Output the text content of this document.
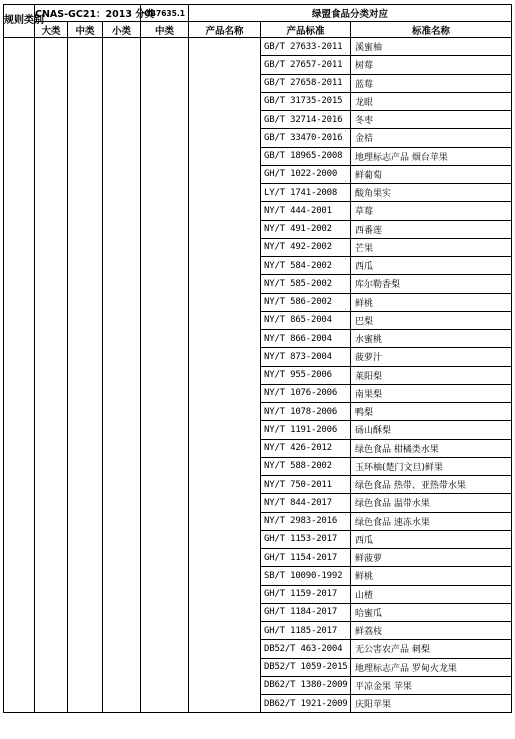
规则类别	CNAS-GC21：2013 分类			GB7635.1	绿盟食品分类对应		
	大类	中类	小类	中类	产品名称	产品标准	标准名称
						GB/T 27633-2011	溪蜜柚
						GB/T 27657-2011	树莓
						GB/T 27658-2011	蓝莓
						GB/T 31735-2015	龙眼
						GB/T 32714-2016	冬枣
						GB/T 33470-2016	金桔
						GB/T 18965-2008	地理标志产品 烟台苹果
						GH/T 1022-2000	鲜葡萄
						LY/T 1741-2008	酸角果实
						NY/T 444-2001	草莓
						NY/T 491-2002	西番莲
						NY/T 492-2002	芒果
						NY/T 584-2002	西瓜
						NY/T 585-2002	库尔勒香梨
						NY/T 586-2002	鲜桃
						NY/T 865-2004	巴梨
						NY/T 866-2004	水蜜桃
						NY/T 873-2004	菠萝汁
						NY/T 955-2006	莱阳梨
						NY/T 1076-2006	南果梨
						NY/T 1078-2006	鸭梨
						NY/T 1191-2006	砀山酥梨
						NY/T 426-2012	绿色食品 柑橘类水果
						NY/T 588-2002	玉环柚(楚门文旦)鲜果
						NY/T 750-2011	绿色食品 热带、亚热带水果
						NY/T 844-2017	绿色食品 温带水果
						NY/T 2983-2016	绿色食品 速冻水果
						GH/T 1153-2017	西瓜
						GH/T 1154-2017	鲜菠萝
						SB/T 10090-1992	鲜桃
						GH/T 1159-2017	山楂
						GH/T 1184-2017	哈蜜瓜
						GH/T 1185-2017	鲜荔枝
						DB52/T 463-2004	无公害农产品 刺梨
						DB52/T 1059-2015	地理标志产品 罗甸火龙果
						DB62/T 1380-2009	平凉金果 苹果
						DB62/T 1921-2009	庆阳苹果
